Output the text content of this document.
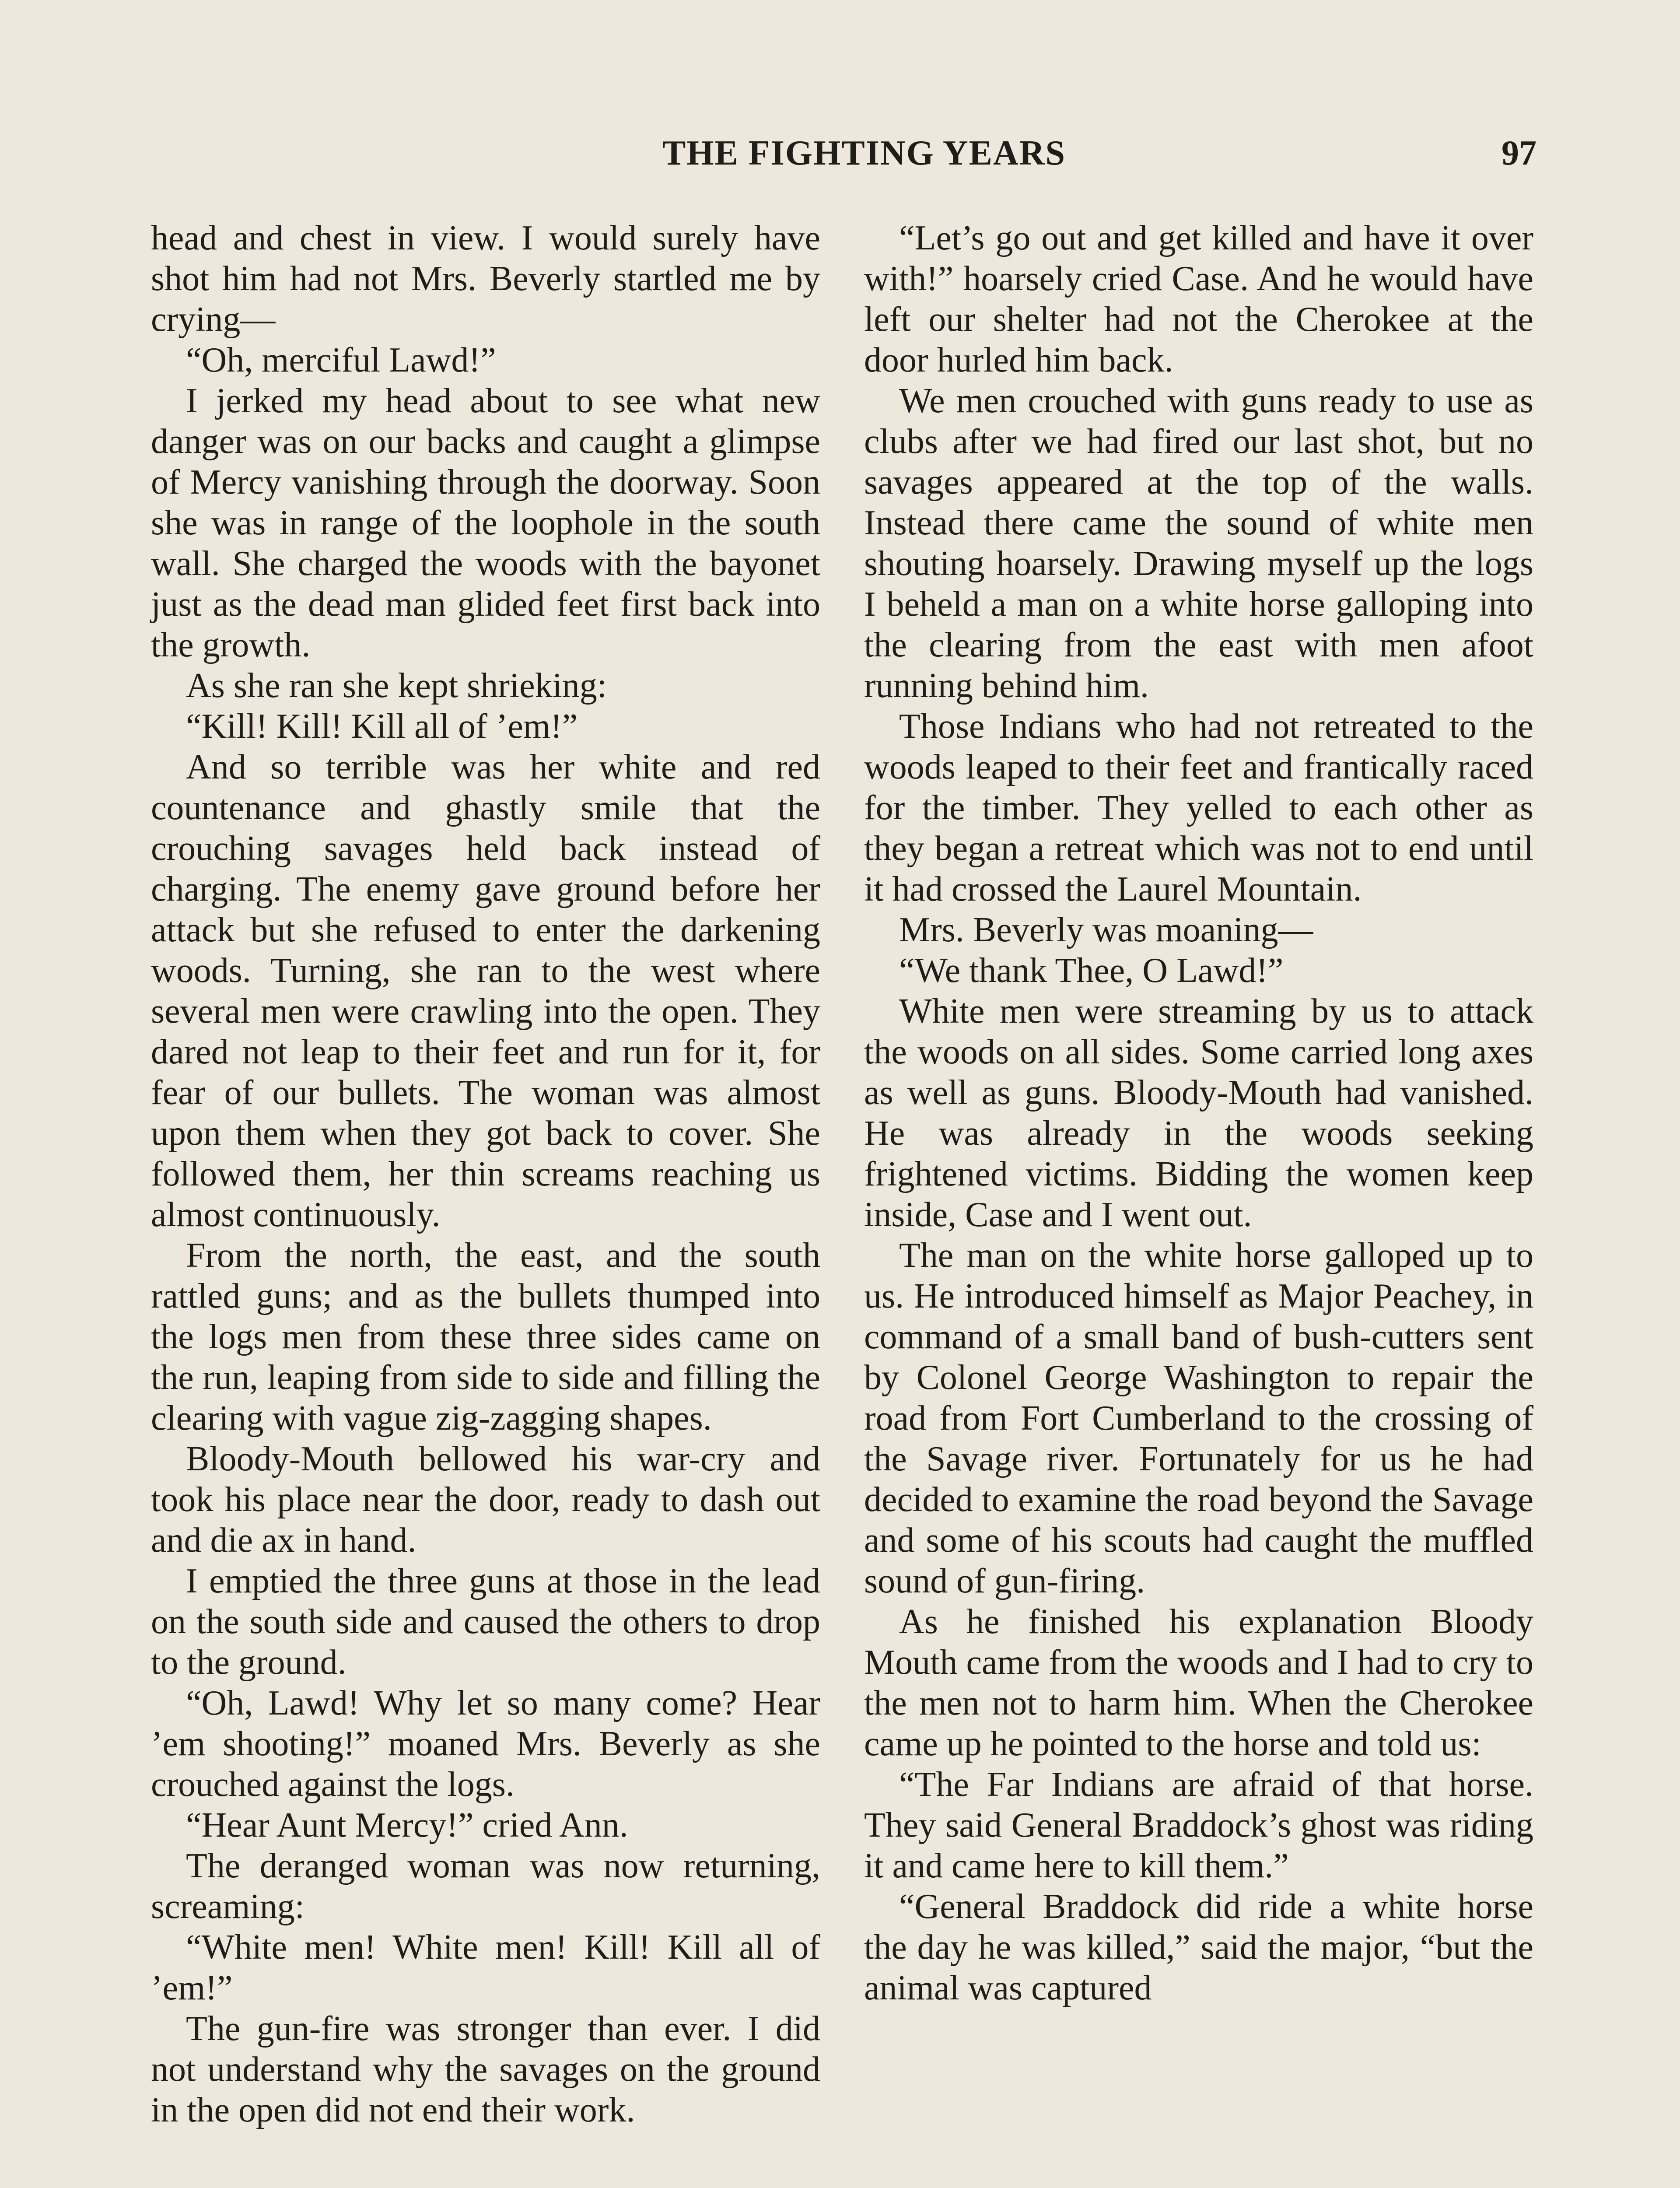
THE FIGHTING YEARS	97

head and chest in view. I would surely have shot him had not Mrs. Beverly startled me by crying—

“Oh, merciful Lawd!”

I jerked my head about to see what new danger was on our backs and caught a glimpse of Mercy vanishing through the doorway. Soon she was in range of the loophole in the south wall. She charged the woods with the bayonet just as the dead man glided feet first back into the growth.

As she ran she kept shrieking:

“Kill! Kill! Kill all of ’em!”

And so terrible was her white and red countenance and ghastly smile that the crouching savages held back instead of charging. The enemy gave ground before her attack but she refused to enter the darkening woods. Turning, she ran to the west where several men were crawling into the open. They dared not leap to their feet and run for it, for fear of our bullets. The woman was almost upon them when they got back to cover. She followed them, her thin screams reaching us almost continuously.

From the north, the east, and the south rattled guns; and as the bullets thumped into the logs men from these three sides came on the run, leaping from side to side and filling the clearing with vague zig-zagging shapes.

Bloody-Mouth bellowed his war-cry and took his place near the door, ready to dash out and die ax in hand.

I emptied the three guns at those in the lead on the south side and caused the others to drop to the ground.

“Oh, Lawd! Why let so many come? Hear ’em shooting!” moaned Mrs. Beverly as she crouched against the logs.

“Hear Aunt Mercy!” cried Ann.

The deranged woman was now returning, screaming:

“White men! White men! Kill! Kill all of ’em!”

The gun-fire was stronger than ever. I did not understand why the savages on the ground in the open did not end their work.

“Let’s go out and get killed and have it over with!” hoarsely cried Case. And he would have left our shelter had not the Cherokee at the door hurled him back.

We men crouched with guns ready to use as clubs after we had fired our last shot, but no savages appeared at the top of the walls. Instead there came the sound of white men shouting hoarsely. Drawing myself up the logs I beheld a man on a white horse galloping into the clearing from the east with men afoot running behind him.

Those Indians who had not retreated to the woods leaped to their feet and frantically raced for the timber. They yelled to each other as they began a retreat which was not to end until it had crossed the Laurel Mountain.

Mrs. Beverly was moaning—

“We thank Thee, O Lawd!”

White men were streaming by us to attack the woods on all sides. Some carried long axes as well as guns. Bloody-Mouth had vanished. He was already in the woods seeking frightened victims. Bidding the women keep inside, Case and I went out.

The man on the white horse galloped up to us. He introduced himself as Major Peachey, in command of a small band of bush-cutters sent by Colonel George Washington to repair the road from Fort Cumberland to the crossing of the Savage river. Fortunately for us he had decided to examine the road beyond the Savage and some of his scouts had caught the muffled sound of gun-firing.

As he finished his explanation Bloody Mouth came from the woods and I had to cry to the men not to harm him. When the Cherokee came up he pointed to the horse and told us:

“The Far Indians are afraid of that horse. They said General Braddock’s ghost was riding it and came here to kill them.”

“General Braddock did ride a white horse the day he was killed,” said the major, “but the animal was captured
